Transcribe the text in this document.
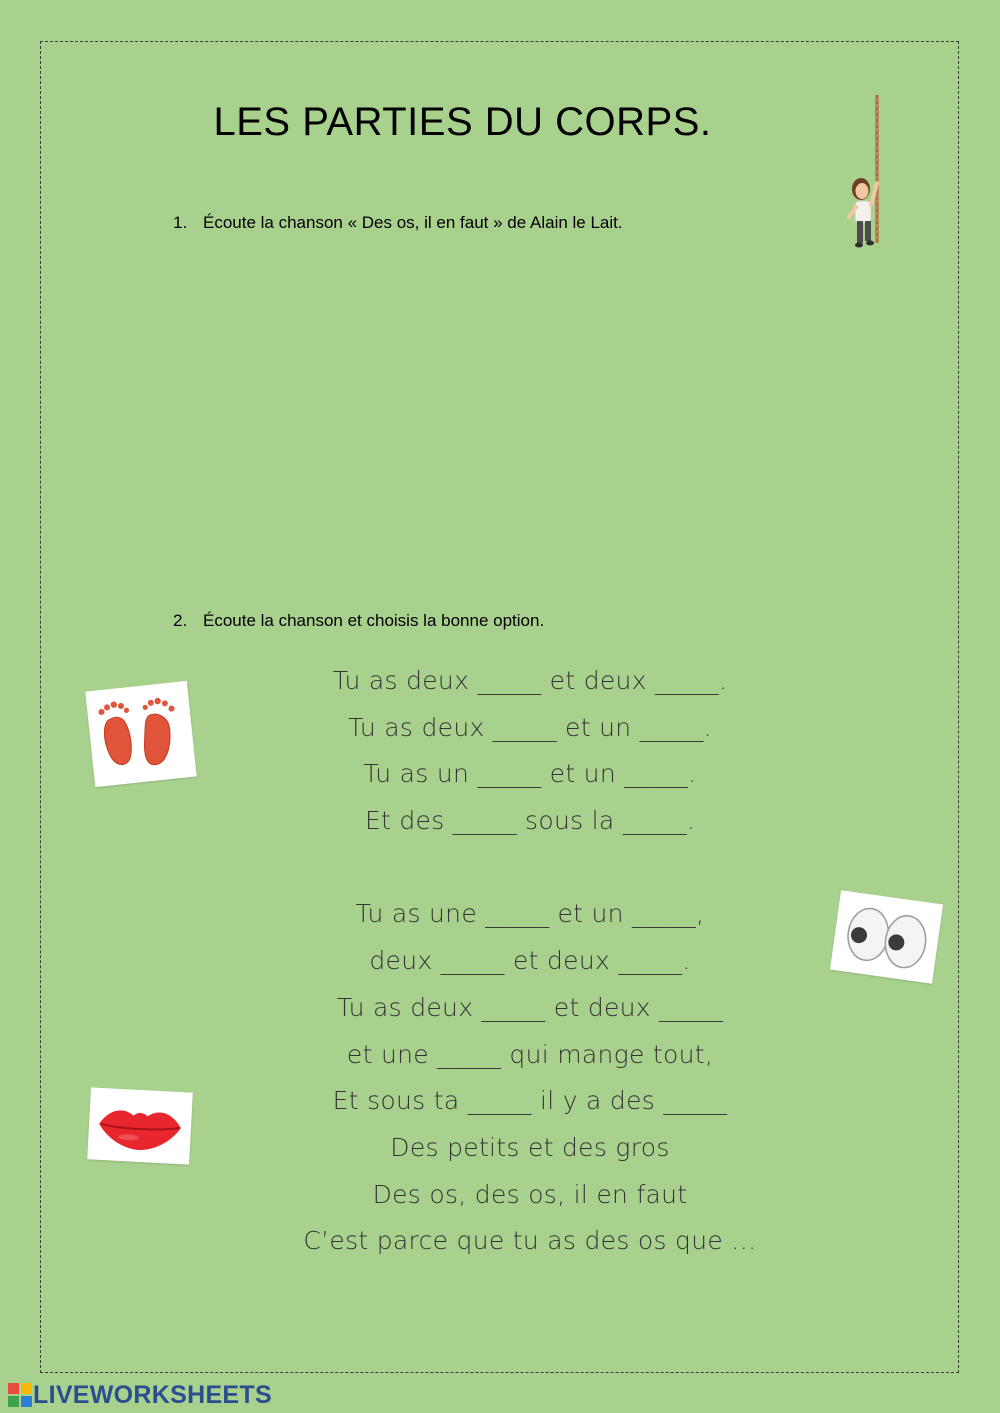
LES PARTIES DU CORPS.
1. Écoute la chanson « Des os, il en faut » de Alain le Lait.
2. Écoute la chanson et choisis la bonne option.
Tu as deux _____ et deux _____.
Tu as deux _____ et un _____.
Tu as un _____ et un _____.
Et des _____ sous la _____.
Tu as une _____ et un _____,
deux _____ et deux _____.
Tu as deux _____ et deux _____
et une _____ qui mange tout,
Et sous ta _____ il y a des _____
Des petits et des gros
Des os, des os, il en faut
C’est parce que tu as des os que …
LIVEWORKSHEETS
